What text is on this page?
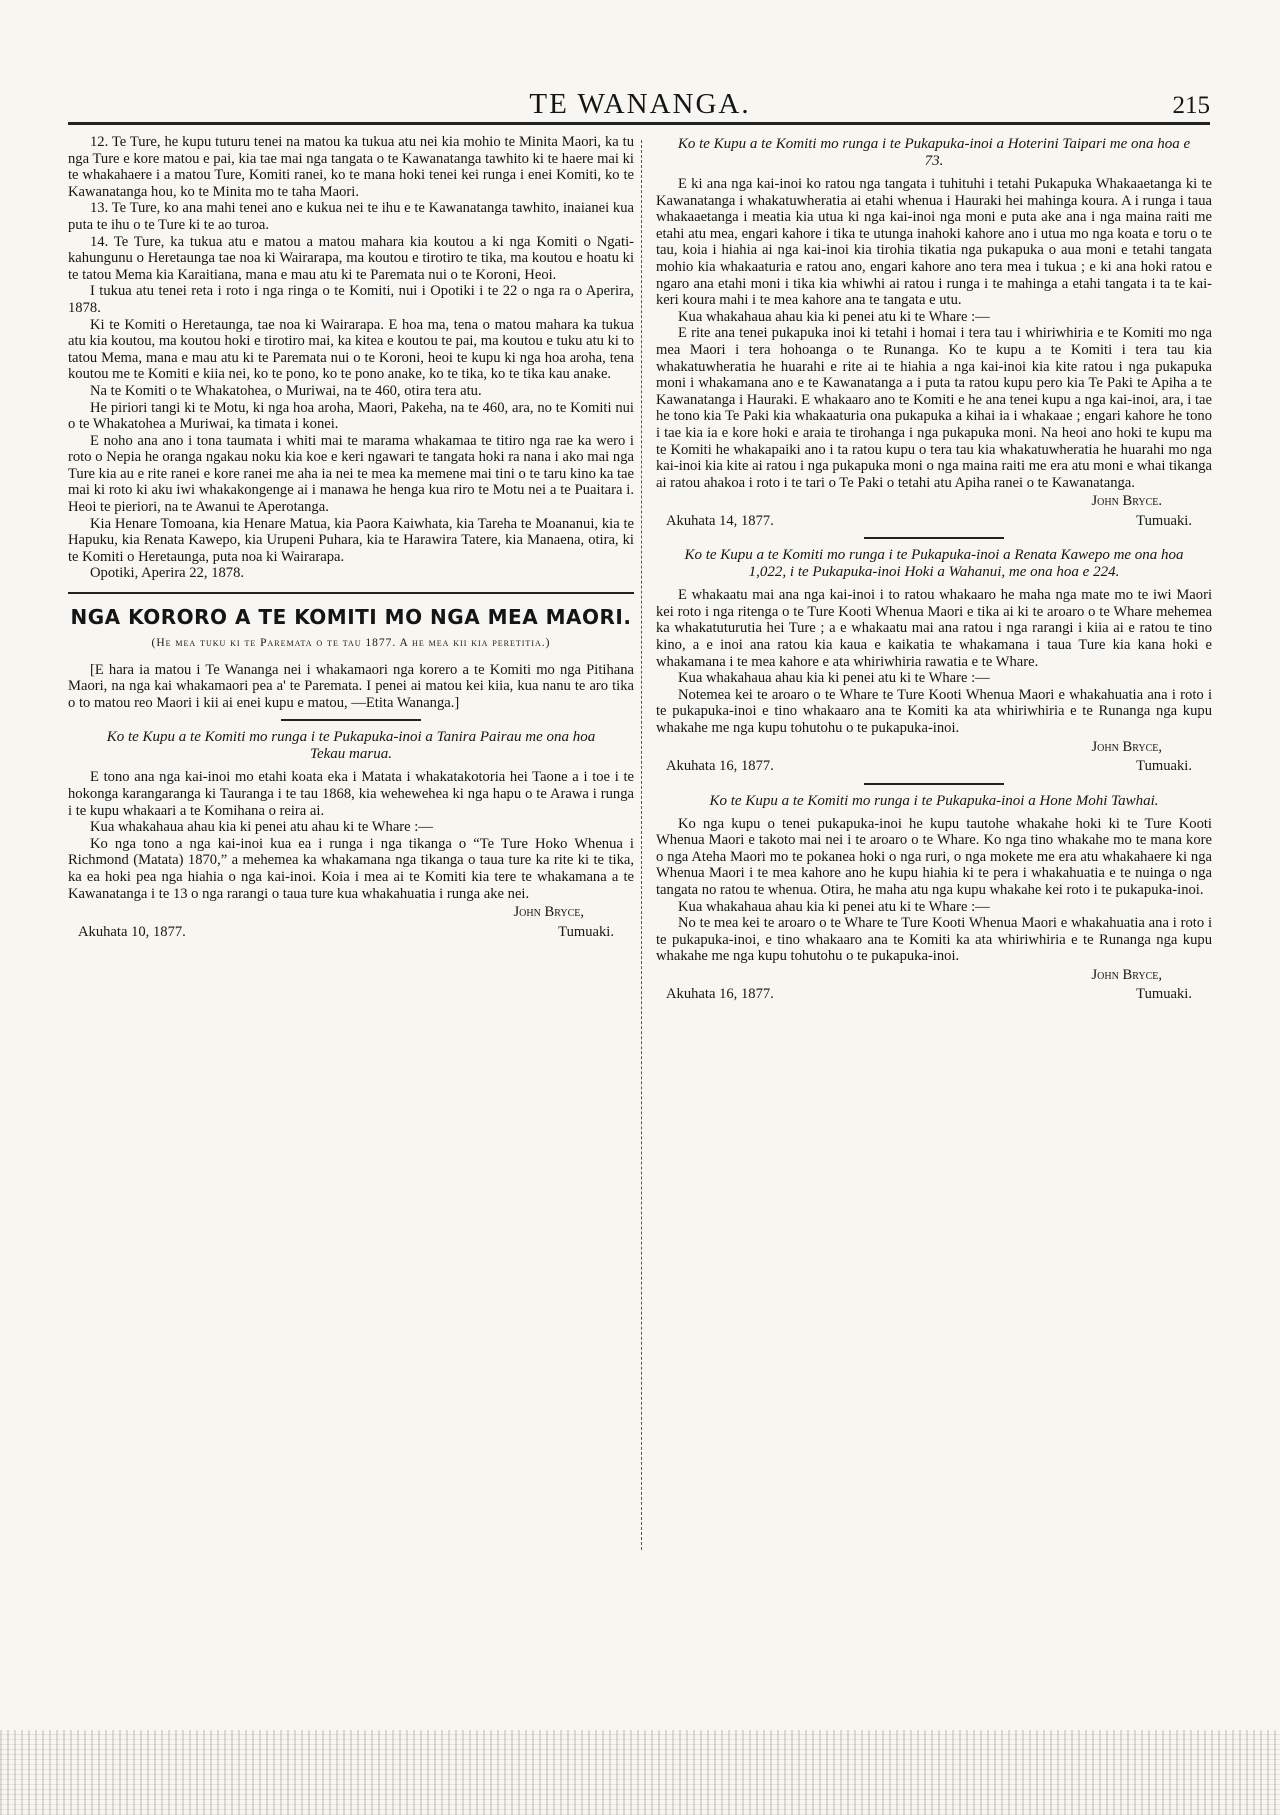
TE WANANGA.	215

12. Te Ture, he kupu tuturu tenei na matou ka tukua atu nei kia mohio te Minita Maori, ka tu nga Ture e kore matou e pai, kia tae mai nga tangata o te Kawanatanga tawhito ki te haere mai ki te whakahaere i a matou Ture, Komiti ranei, ko te mana hoki tenei kei runga i enei Komiti, ko te Kawanatanga hou, ko te Minita mo te taha Maori.

13. Te Ture, ko ana mahi tenei ano e kukua nei te ihu e te Kawanatanga tawhito, inaianei kua puta te ihu o te Ture ki te ao turoa.

14. Te Ture, ka tukua atu e matou a matou mahara kia koutou a ki nga Komiti o Ngati-kahungunu o Heretaunga tae noa ki Wairarapa, ma koutou e tirotiro te tika, ma koutou e hoatu ki te tatou Mema kia Karaitiana, mana e mau atu ki te Paremata nui o te Koroni, Heoi.

I tukua atu tenei reta i roto i nga ringa o te Komiti, nui i Opotiki i te 22 o nga ra o Aperira, 1878.

Ki te Komiti o Heretaunga, tae noa ki Wairarapa. E hoa ma, tena o matou mahara ka tukua atu kia koutou, ma koutou hoki e tirotiro mai, ka kitea e koutou te pai, ma koutou e tuku atu ki to tatou Mema, mana e mau atu ki te Paremata nui o te Koroni, heoi te kupu ki nga hoa aroha, tena koutou me te Komiti e kiia nei, ko te pono, ko te pono anake, ko te tika, ko te tika kau anake.

Na te Komiti o te Whakatohea, o Muriwai, na te 460, otira tera atu.

He piriori tangi ki te Motu, ki nga hoa aroha, Maori, Pakeha, na te 460, ara, no te Komiti nui o te Whakatohea a Muriwai, ka timata i konei.

E noho ana ano i tona taumata i whiti mai te marama whakamaa te titiro nga rae ka wero i roto o Nepia he oranga ngakau noku kia koe e keri ngawari te tangata hoki ra nana i ako mai nga Ture kia au e rite ranei e kore ranei me aha ia nei te mea ka memene mai tini o te taru kino ka tae mai ki roto ki aku iwi whakakongenge ai i manawa he henga kua riro te Motu nei a te Puaitara i. Heoi te pieriori, na te Awanui te Aperotanga.

Kia Henare Tomoana, kia Henare Matua, kia Paora Kaiwhata, kia Tareha te Moananui, kia te Hapuku, kia Renata Kawepo, kia Urupeni Puhara, kia te Harawira Tatere, kia Manaena, otira, ki te Komiti o Heretaunga, puta noa ki Wairarapa.

Opotiki, Aperira 22, 1878.

NGA KORORO A TE KOMITI MO NGA MEA MAORI.
(He mea tuku ki te Paremata o te tau 1877. A he mea kii kia peretitia.)

[E hara ia matou i Te Wananga nei i whakamaori nga korero a te Komiti mo nga Pitihana Maori, na nga kai whakamaori pea a' te Paremata. I penei ai matou kei kiia, kua nanu te aro tika o to matou reo Maori i kii ai enei kupu e matou, —Etita Wananga.]

Ko te Kupu a te Komiti mo runga i te Pukapuka-inoi a Tanira Pairau me ona hoa Tekau marua.

E tono ana nga kai-inoi mo etahi koata eka i Matata i whakatakotoria hei Taone a i toe i te hokonga karangaranga ki Tauranga i te tau 1868, kia wehewehea ki nga hapu o te Arawa i runga i te kupu whakaari a te Komihana o reira ai.

Kua whakahaua ahau kia ki penei atu ahau ki te Whare :—

Ko nga tono a nga kai-inoi kua ea i runga i nga tikanga o “Te Ture Hoko Whenua i Richmond (Matata) 1870,” a mehemea ka whakamana nga tikanga o taua ture ka rite ki te tika, ka ea hoki pea nga hiahia o nga kai-inoi. Koia i mea ai te Komiti kia tere te whakamana a te Kawanatanga i te 13 o nga rarangi o taua ture kua whakahuatia i runga ake nei.

John Bryce,
Akuhata 10, 1877.	Tumuaki.
Ko te Kupu a te Komiti mo runga i te Pukapuka-inoi a Hoterini Taipari me ona hoa e 73.

E ki ana nga kai-inoi ko ratou nga tangata i tuhituhi i tetahi Pukapuka Whakaaetanga ki te Kawanatanga i whakatuwheratia ai etahi whenua i Hauraki hei mahinga koura. A i runga i taua whakaaetanga i meatia kia utua ki nga kai-inoi nga moni e puta ake ana i nga maina raiti me etahi atu mea, engari kahore i tika te utunga inahoki kahore ano i utua mo nga koata e toru o te tau, koia i hiahia ai nga kai-inoi kia tirohia tikatia nga pukapuka o aua moni e tetahi tangata mohio kia whakaaturia e ratou ano, engari kahore ano tera mea i tukua ; e ki ana hoki ratou e ngaro ana etahi moni i tika kia whiwhi ai ratou i runga i te mahinga a etahi tangata i ta te kai-keri koura mahi i te mea kahore ana te tangata e utu.

Kua whakahaua ahau kia ki penei atu ki te Whare :—

E rite ana tenei pukapuka inoi ki tetahi i homai i tera tau i whiriwhiria e te Komiti mo nga mea Maori i tera hohoanga o te Runanga. Ko te kupu a te Komiti i tera tau kia whakatuwheratia he huarahi e rite ai te hiahia a nga kai-inoi kia kite ratou i nga pukapuka moni i whakamana ano e te Kawanatanga a i puta ta ratou kupu pero kia Te Paki te Apiha a te Kawanatanga i Hauraki. E whakaaro ano te Komiti e he ana tenei kupu a nga kai-inoi, ara, i tae he tono kia Te Paki kia whakaaturia ona pukapuka a kihai ia i whakaae ; engari kahore he tono i tae kia ia e kore hoki e araia te tirohanga i nga pukapuka moni. Na heoi ano hoki te kupu ma te Komiti he whakapaiki ano i ta ratou kupu o tera tau kia whakatuwheratia he huarahi mo nga kai-inoi kia kite ai ratou i nga pukapuka moni o nga maina raiti me era atu moni e whai tikanga ai ratou ahakoa i roto i te tari o Te Paki o tetahi atu Apiha ranei o te Kawanatanga.

John Bryce.
Akuhata 14, 1877.	Tumuaki.
Ko te Kupu a te Komiti mo runga i te Pukapuka-inoi a Renata Kawepo me ona hoa 1,022, i te Pukapuka-inoi Hoki a Wahanui, me ona hoa e 224.

E whakaatu mai ana nga kai-inoi i to ratou whakaaro he maha nga mate mo te iwi Maori kei roto i nga ritenga o te Ture Kooti Whenua Maori e tika ai ki te aroaro o te Whare mehemea ka whakatuturutia hei Ture ; a e whakaatu mai ana ratou i nga rarangi i kiia ai e ratou te tino kino, a e inoi ana ratou kia kaua e kaikatia te whakamana i taua Ture kia kana hoki e whakamana i te mea kahore e ata whiriwhiria rawatia e te Whare.

Kua whakahaua ahau kia ki penei atu ki te Whare :—

Notemea kei te aroaro o te Whare te Ture Kooti Whenua Maori e whakahuatia ana i roto i te pukapuka-inoi e tino whakaaro ana te Komiti ka ata whiriwhiria e te Runanga nga kupu whakahe me nga kupu tohutohu o te pukapuka-inoi.

John Bryce,
Akuhata 16, 1877.	Tumuaki.
Ko te Kupu a te Komiti mo runga i te Pukapuka-inoi a Hone Mohi Tawhai.

Ko nga kupu o tenei pukapuka-inoi he kupu tautohe whakahe hoki ki te Ture Kooti Whenua Maori e takoto mai nei i te aroaro o te Whare. Ko nga tino whakahe mo te mana kore o nga Ateha Maori mo te pokanea hoki o nga ruri, o nga mokete me era atu whakahaere ki nga Whenua Maori i te mea kahore ano he kupu hiahia ki te pera i whakahuatia e te nuinga o nga tangata no ratou te whenua. Otira, he maha atu nga kupu whakahe kei roto i te pukapuka-inoi.

Kua whakahaua ahau kia ki penei atu ki te Whare :—

No te mea kei te aroaro o te Whare te Ture Kooti Whenua Maori e whakahuatia ana i roto i te pukapuka-inoi, e tino whakaaro ana te Komiti ka ata whiriwhiria e te Runanga nga kupu whakahe me nga kupu tohutohu o te pukapuka-inoi.

John Bryce,
Akuhata 16, 1877.	Tumuaki.
